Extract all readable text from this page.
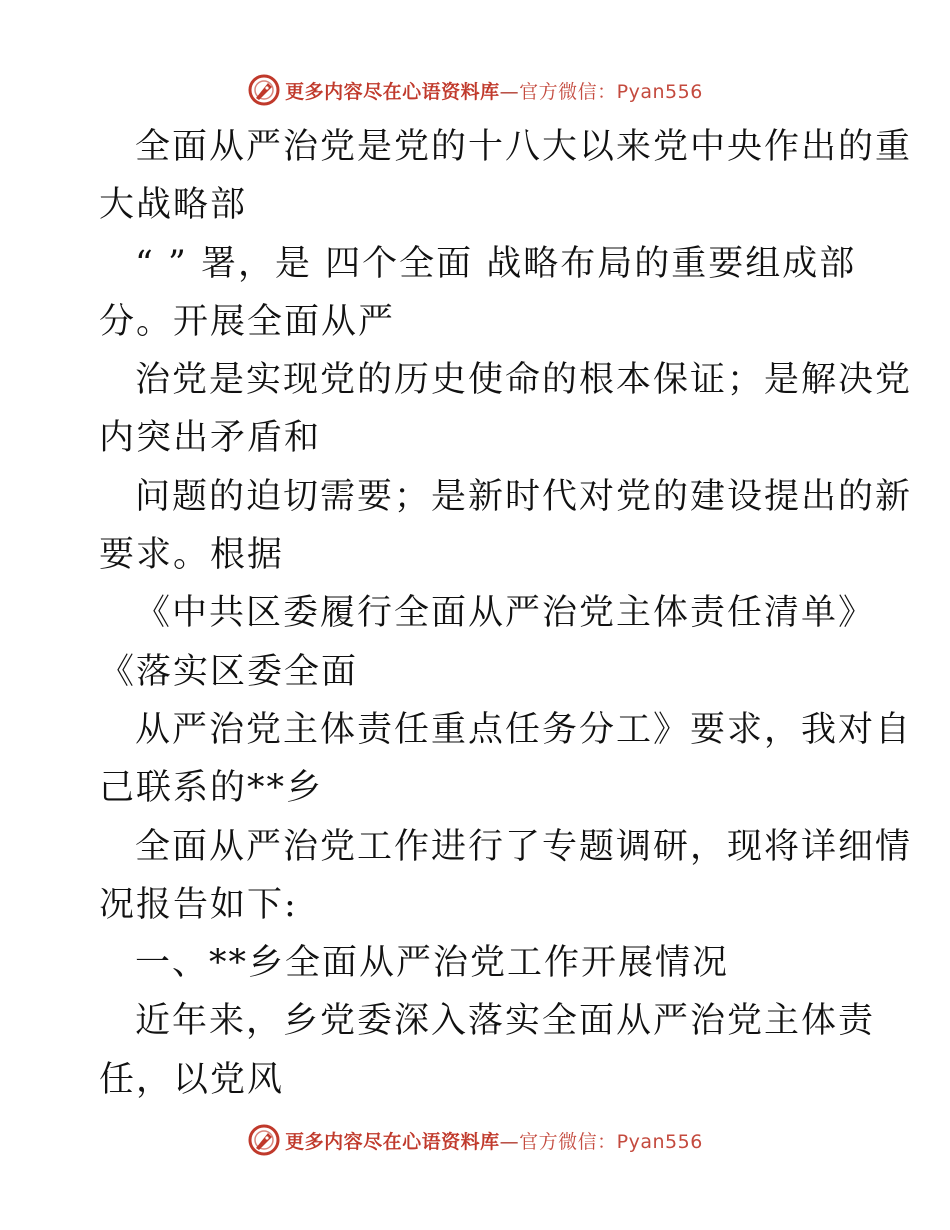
更多内容尽在心语资料库—官方微信：Pyan556
全面从严治党是党的十八大以来党中央作出的重
大战略部
“ ” 署，是 四个全面 战略布局的重要组成部
分。开展全面从严
治党是实现党的历史使命的根本保证；是解决党
内突出矛盾和
问题的迫切需要；是新时代对党的建设提出的新
要求。根据
《中共区委履行全面从严治党主体责任清单》
《落实区委全面
从严治党主体责任重点任务分工》要求，我对自
己联系的**乡
全面从严治党工作进行了专题调研，现将详细情
况报告如下:
一、**乡全面从严治党工作开展情况
近年来，乡党委深入落实全面从严治党主体责
任，以党风
更多内容尽在心语资料库—官方微信：Pyan556
